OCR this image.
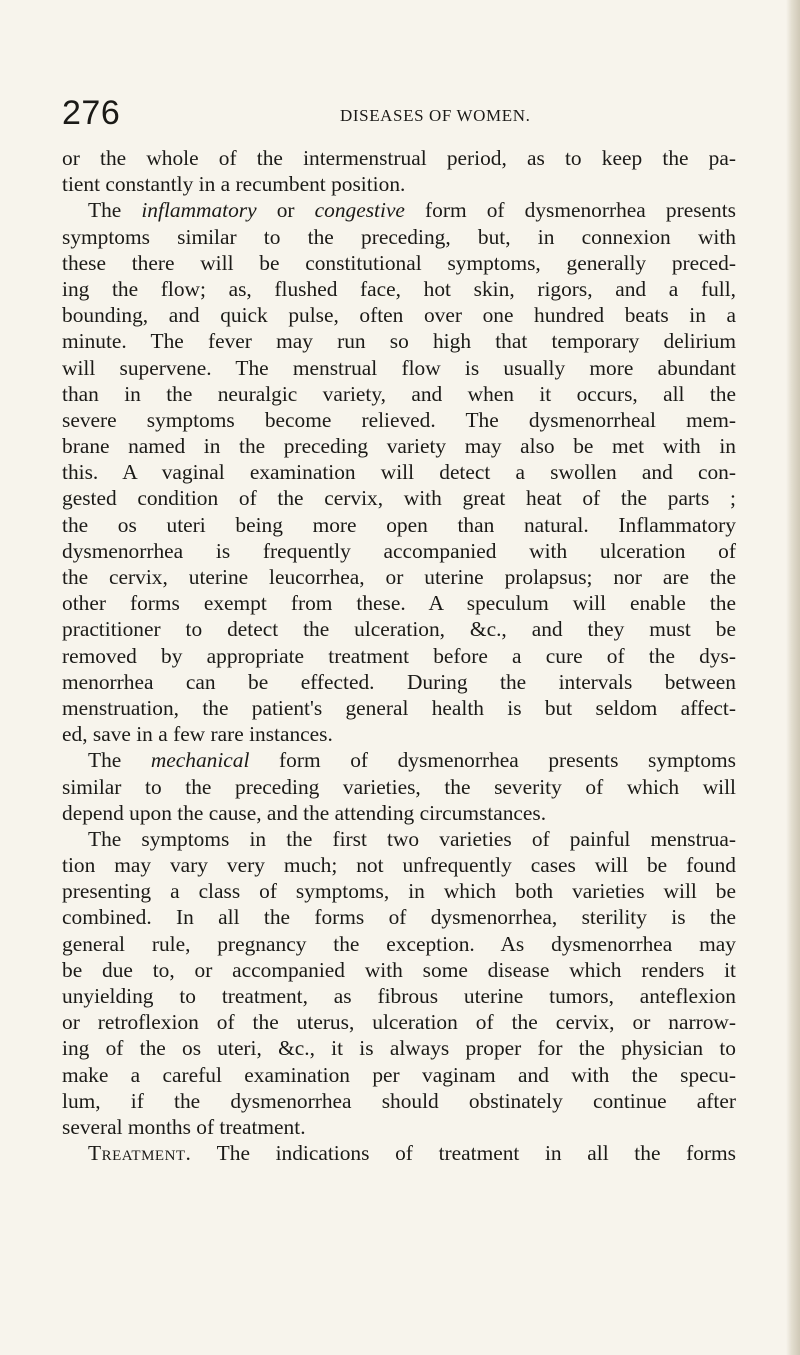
276	DISEASES OF WOMEN.
or the whole of the intermenstrual period, as to keep the pa-
tient constantly in a recumbent position.
The inflammatory or congestive form of dysmenorrhea presents
symptoms similar to the preceding, but, in connexion with
these there will be constitutional symptoms, generally preced-
ing the flow; as, flushed face, hot skin, rigors, and a full,
bounding, and quick pulse, often over one hundred beats in a
minute. The fever may run so high that temporary delirium
will supervene. The menstrual flow is usually more abundant
than in the neuralgic variety, and when it occurs, all the
severe symptoms become relieved. The dysmenorrheal mem-
brane named in the preceding variety may also be met with in
this. A vaginal examination will detect a swollen and con-
gested condition of the cervix, with great heat of the parts ;
the os uteri being more open than natural. Inflammatory
dysmenorrhea is frequently accompanied with ulceration of
the cervix, uterine leucorrhea, or uterine prolapsus; nor are the
other forms exempt from these. A speculum will enable the
practitioner to detect the ulceration, &c., and they must be
removed by appropriate treatment before a cure of the dys-
menorrhea can be effected. During the intervals between
menstruation, the patient's general health is but seldom affect-
ed, save in a few rare instances.
The mechanical form of dysmenorrhea presents symptoms
similar to the preceding varieties, the severity of which will
depend upon the cause, and the attending circumstances.
The symptoms in the first two varieties of painful menstrua-
tion may vary very much; not unfrequently cases will be found
presenting a class of symptoms, in which both varieties will be
combined. In all the forms of dysmenorrhea, sterility is the
general rule, pregnancy the exception. As dysmenorrhea may
be due to, or accompanied with some disease which renders it
unyielding to treatment, as fibrous uterine tumors, anteflexion
or retroflexion of the uterus, ulceration of the cervix, or narrow-
ing of the os uteri, &c., it is always proper for the physician to
make a careful examination per vaginam and with the specu-
lum, if the dysmenorrhea should obstinately continue after
several months of treatment.
Treatment. The indications of treatment in all the forms
